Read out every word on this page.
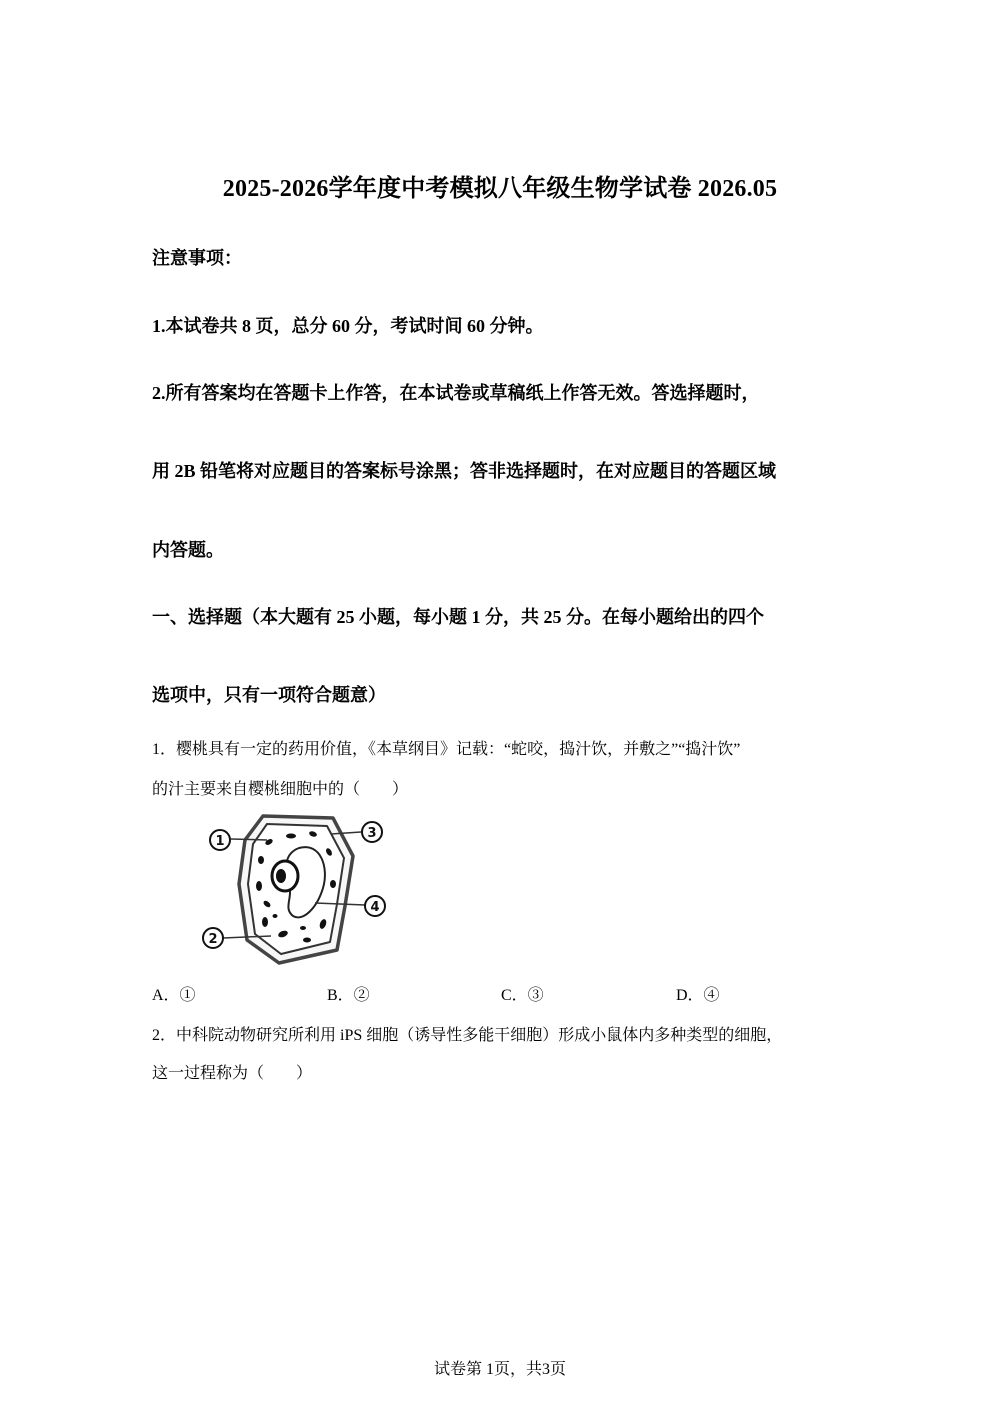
2025-2026学年度中考模拟八年级生物学试卷 2026.05
注意事项：
1.本试卷共 8 页，总分 60 分，考试时间 60 分钟。
2.所有答案均在答题卡上作答，在本试卷或草稿纸上作答无效。答选择题时，
用 2B 铅笔将对应题目的答案标号涂黑；答非选择题时，在对应题目的答题区域
内答题。
一、选择题（本大题有 25 小题，每小题 1 分，共 25 分。在每小题给出的四个
选项中，只有一项符合题意）
1．樱桃具有一定的药用价值，《本草纲目》记载：“蛇咬，捣汁饮，并敷之”“捣汁饮”
的汁主要来自樱桃细胞中的（　　）
1
2
3
4
A．①	B．②	C．③	D．④
2．中科院动物研究所利用 iPS 细胞（诱导性多能干细胞）形成小鼠体内多种类型的细胞，
这一过程称为（　　）
试卷第 1页，共3页
